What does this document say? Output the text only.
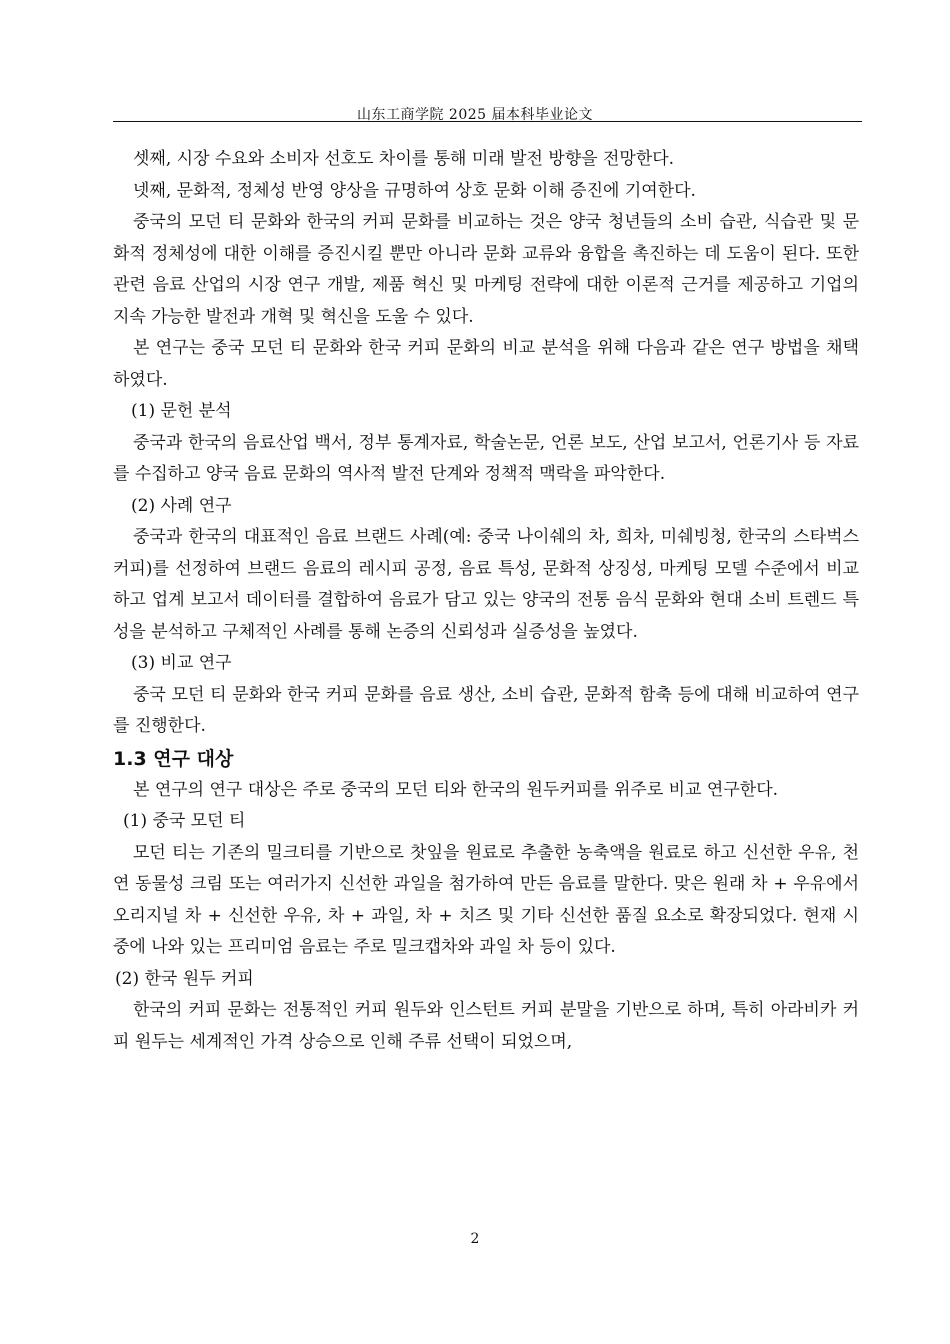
山东工商学院 2025 届本科毕业论文

셋째, 시장 수요와 소비자 선호도 차이를 통해 미래 발전 방향을 전망한다.

넷째, 문화적, 정체성 반영 양상을 규명하여 상호 문화 이해 증진에 기여한다.

중국의 모던 티 문화와 한국의 커피 문화를 비교하는 것은 양국 청년들의 소비 습관, 식습관 및 문화적 정체성에 대한 이해를 증진시킬 뿐만 아니라 문화 교류와 융합을 촉진하는 데 도움이 된다. 또한 관련 음료 산업의 시장 연구 개발, 제품 혁신 및 마케팅 전략에 대한 이론적 근거를 제공하고 기업의 지속 가능한 발전과 개혁 및 혁신을 도울 수 있다.

본 연구는 중국 모던 티 문화와 한국 커피 문화의 비교 분석을 위해 다음과 같은 연구 방법을 채택하였다.

(1) 문헌 분석

중국과 한국의 음료산업 백서, 정부 통계자료, 학술논문, 언론 보도, 산업 보고서, 언론기사 등 자료를 수집하고 양국 음료 문화의 역사적 발전 단계와 정책적 맥락을 파악한다.

(2) 사례 연구

중국과 한국의 대표적인 음료 브랜드 사례(예: 중국 나이쉐의 차, 희차, 미쉐빙청, 한국의 스타벅스 커피)를 선정하여 브랜드 음료의 레시피 공정, 음료 특성, 문화적 상징성, 마케팅 모델 수준에서 비교하고 업계 보고서 데이터를 결합하여 음료가 담고 있는 양국의 전통 음식 문화와 현대 소비 트렌드 특성을 분석하고 구체적인 사례를 통해 논증의 신뢰성과 실증성을 높였다.

(3) 비교 연구

중국 모던 티 문화와 한국 커피 문화를 음료 생산, 소비 습관, 문화적 함축 등에 대해 비교하여 연구를 진행한다.

1.3 연구 대상

본 연구의 연구 대상은 주로 중국의 모던 티와 한국의 원두커피를 위주로 비교 연구한다.

(1) 중국 모던 티

모던 티는 기존의 밀크티를 기반으로 찻잎을 원료로 추출한 농축액을 원료로 하고 신선한 우유, 천연 동물성 크림 또는 여러가지 신선한 과일을 첨가하여 만든 음료를 말한다. 맞은 원래 차 + 우유에서 오리지널 차 + 신선한 우유, 차 + 과일, 차 + 치즈 및 기타 신선한 품질 요소로 확장되었다. 현재 시중에 나와 있는 프리미엄 음료는 주로 밀크캡차와 과일 차 등이 있다.

(2) 한국 원두 커피

한국의 커피 문화는 전통적인 커피 원두와 인스턴트 커피 분말을 기반으로 하며, 특히 아라비카 커피 원두는 세계적인 가격 상승으로 인해 주류 선택이 되었으며,

2
